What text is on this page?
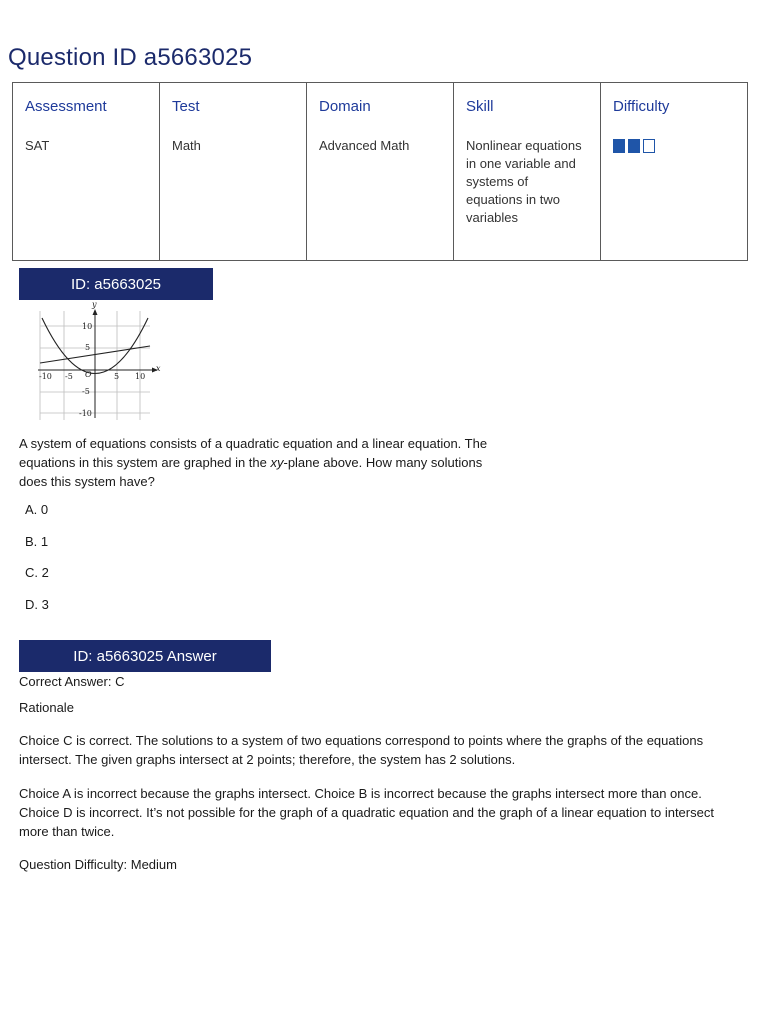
Question ID a5663025
Assessment	Test	Domain	Skill	Difficulty
SAT	Math	Advanced Math	Nonlinear equations in one variable and systems of equations in two variables	
ID: a5663025
y
x
O
-10 -5	5 10
10
5
-5
-10

A system of equations consists of a quadratic equation and a linear equation. The equations in this system are graphed in the xy-plane above. How many solutions does this system have?

A. 0
B. 1
C. 2
D. 3
ID: a5663025 Answer

Correct Answer: C

Rationale

Choice C is correct. The solutions to a system of two equations correspond to points where the graphs of the equations intersect. The given graphs intersect at 2 points; therefore, the system has 2 solutions.

Choice A is incorrect because the graphs intersect. Choice B is incorrect because the graphs intersect more than once. Choice D is incorrect. It’s not possible for the graph of a quadratic equation and the graph of a linear equation to intersect more than twice.

Question Difficulty: Medium
